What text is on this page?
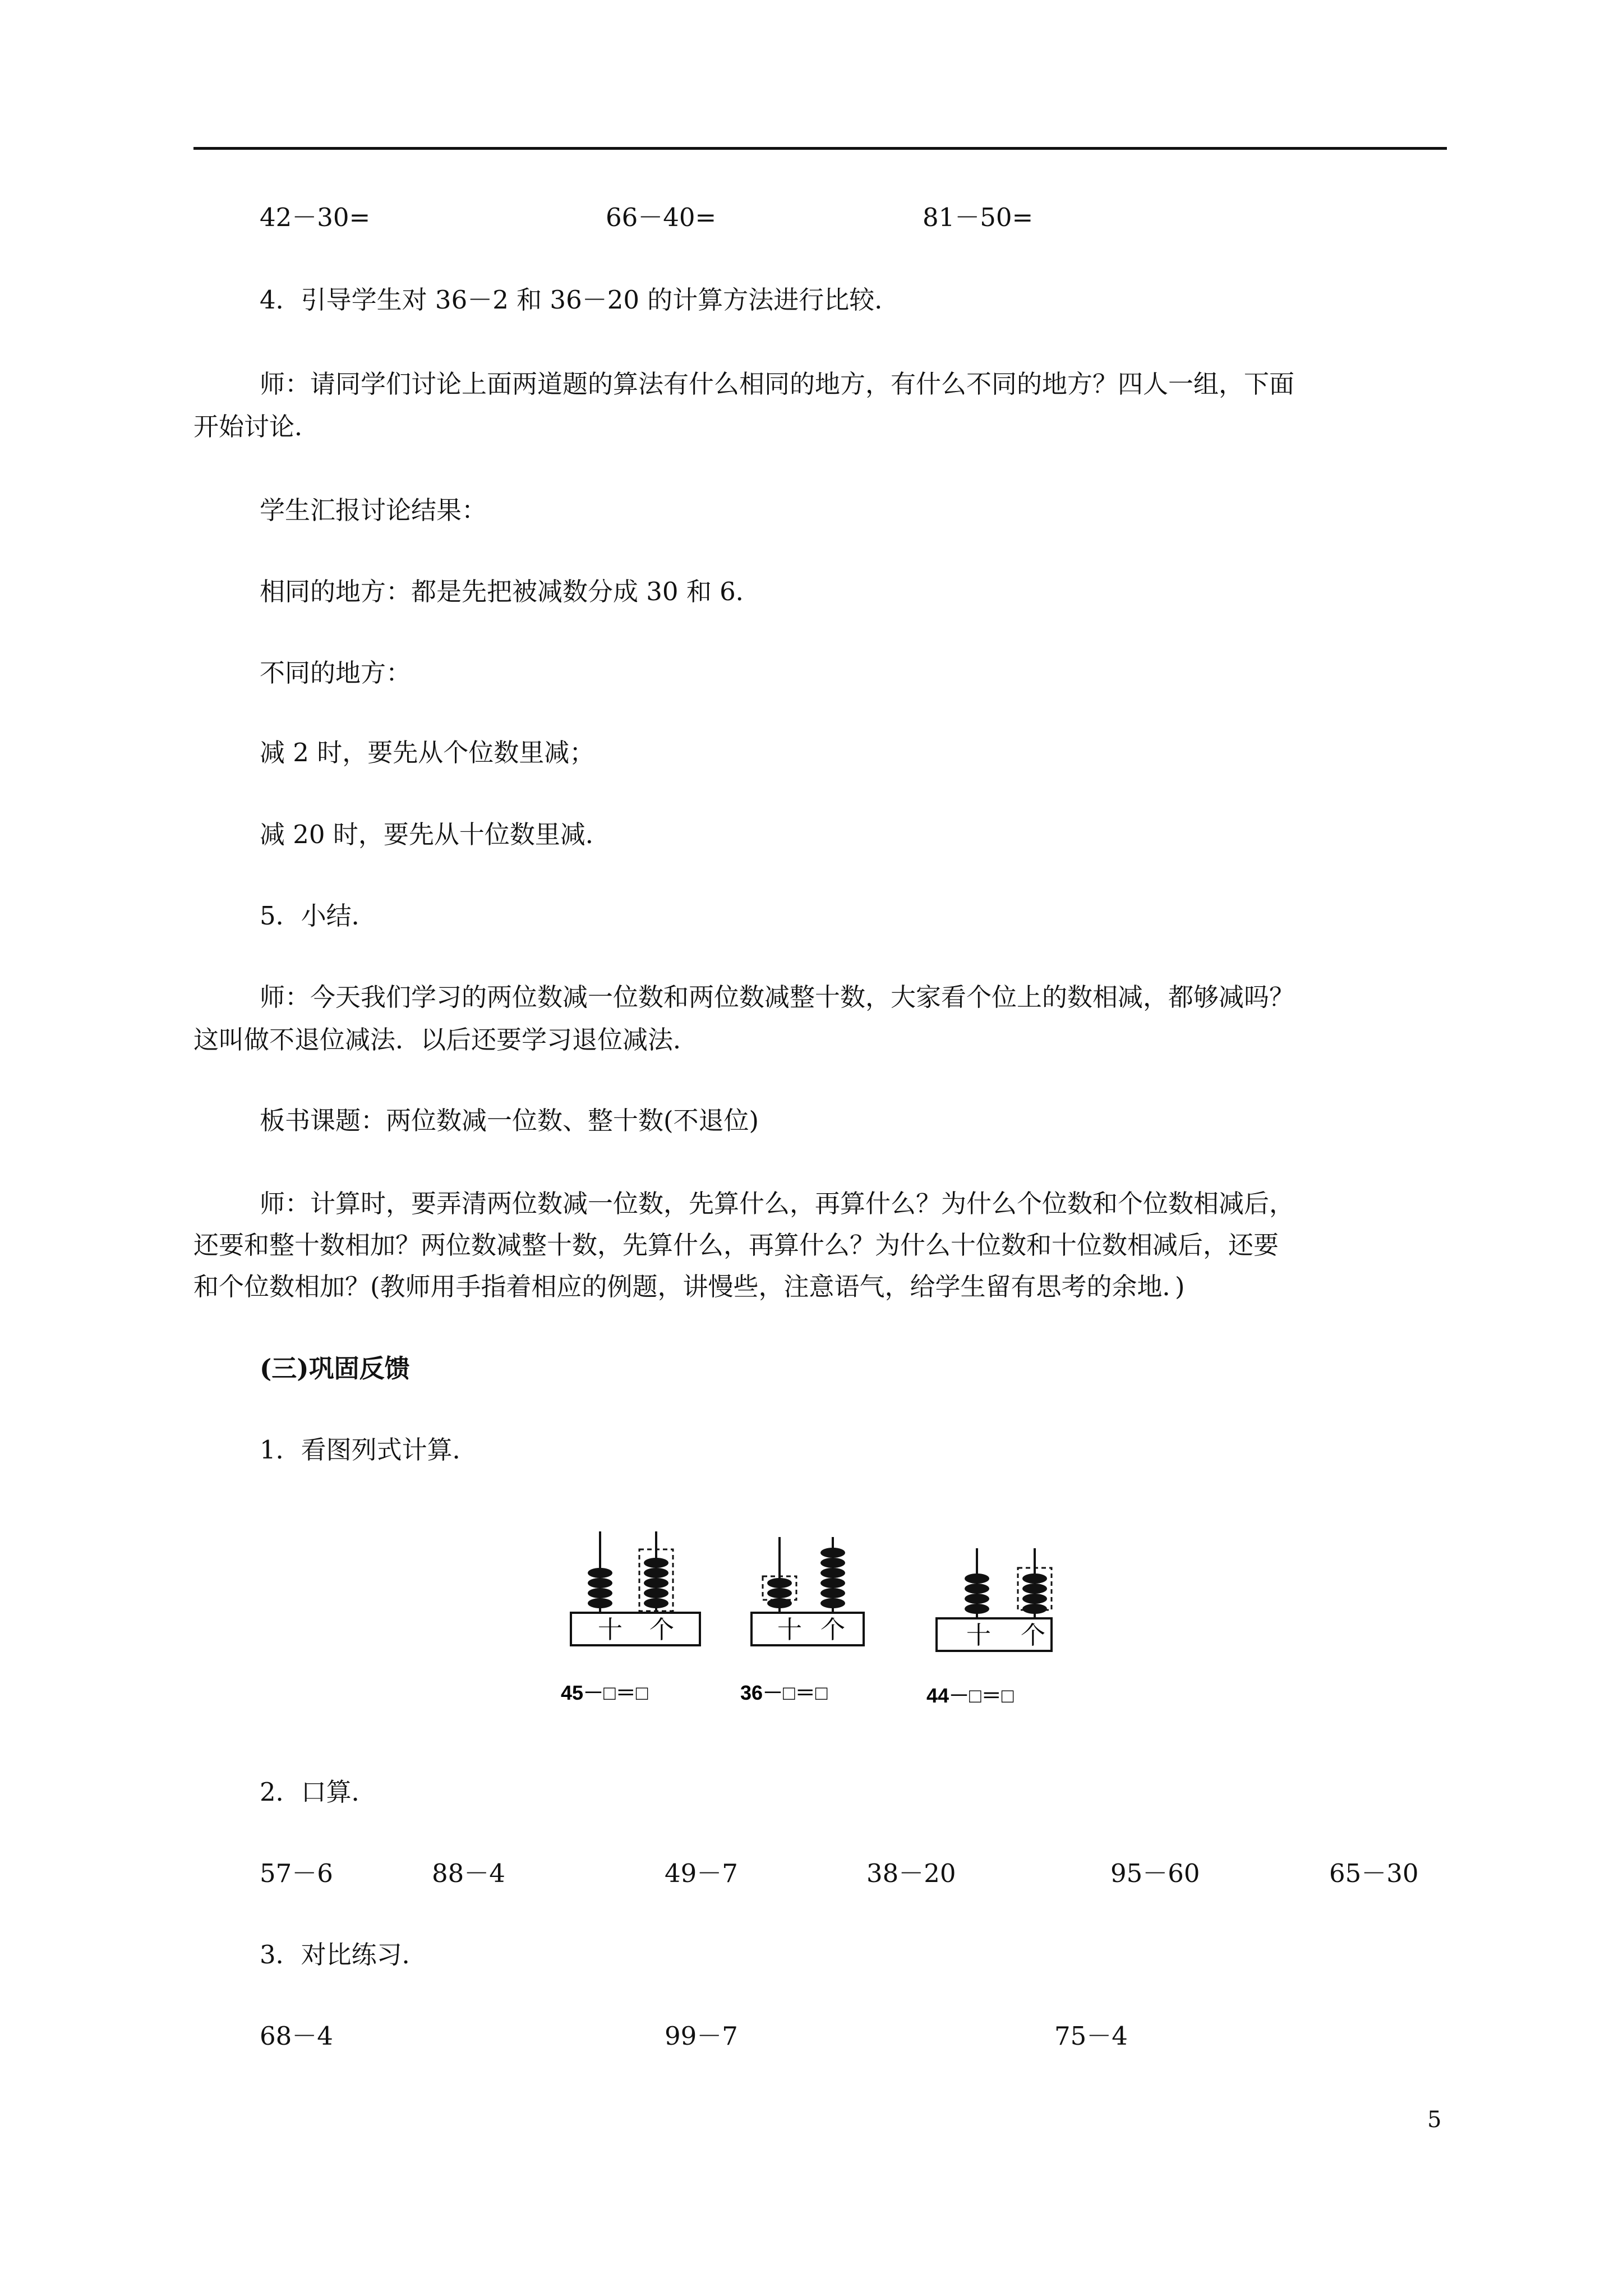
42－30=	66－40=	81－50=
4．引导学生对 36－2 和 36－20 的计算方法进行比较．
师：请同学们讨论上面两道题的算法有什么相同的地方，有什么不同的地方？四人一组，下面
开始讨论．
学生汇报讨论结果：
相同的地方：都是先把被减数分成 30 和 6．
不同的地方：
减 2 时，要先从个位数里减；
减 20 时，要先从十位数里减．
5．小结．
师：今天我们学习的两位数减一位数和两位数减整十数，大家看个位上的数相减，都够减吗？
这叫做不退位减法．以后还要学习退位减法．
板书课题：两位数减一位数、整十数(不退位)
师：计算时，要弄清两位数减一位数，先算什么，再算什么？为什么个位数和个位数相减后，
还要和整十数相加？两位数减整十数，先算什么，再算什么？为什么十位数和十位数相减后，还要
和个位数相加？(教师用手指着相应的例题，讲慢些，注意语气，给学生留有思考的余地．)
(三)巩固反馈
1．看图列式计算．
十 个
45－□＝□
十 个
36－□＝□
十 个
44－□＝□
2．口算．
57－6	88－4	49－7	38－20	95－60	65－30
3．对比练习．
68－4	99－7	75－4
5
